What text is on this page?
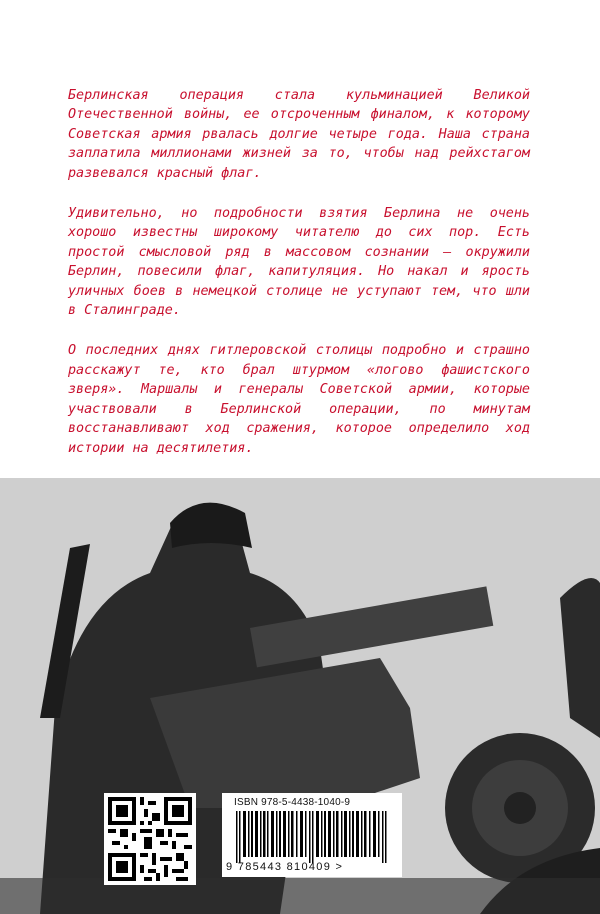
Берлинская операция стала кульминацией Великой Отечественной войны, ее отсроченным финалом, к которому Советская армия рвалась долгие четыре года. Наша страна заплатила миллионами жизней за то, чтобы над рейхстагом развевался красный флаг.

Удивительно, но подробности взятия Берлина не очень хорошо известны широкому читателю до сих пор. Есть простой смысловой ряд в массовом сознании – окружили Берлин, повесили флаг, капитуляция. Но накал и ярость уличных боев в немецкой столице не уступают тем, что шли в Сталинграде.

О последних днях гитлеровской столицы подробно и страшно расскажут те, кто брал штурмом «логово фашистского зверя». Маршалы и генералы Советской армии, которые участвовали в Берлинской операции, по минутам восстанавливают ход сражения, которое определило ход истории на десятилетия.

ISBN 978-5-4438-1040-9
9 785443 810409 >
